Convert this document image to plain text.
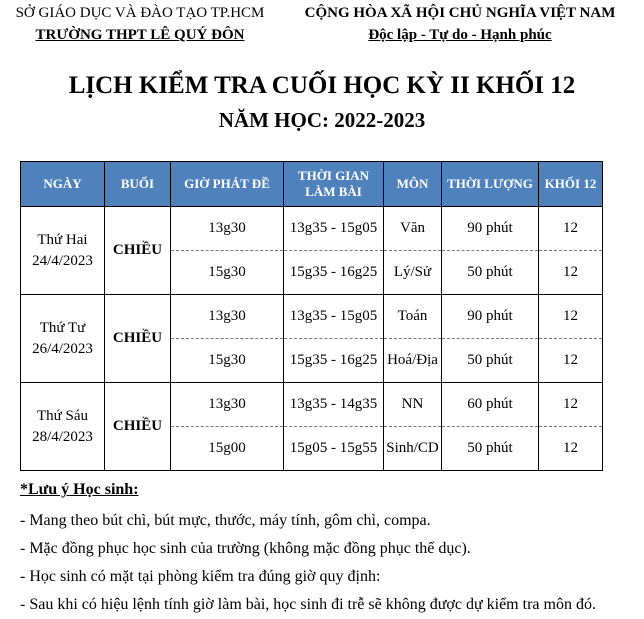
SỞ GIÁO DỤC VÀ ĐÀO TẠO TP.HCM
TRƯỜNG THPT LÊ QUÝ ĐÔN
CỘNG HÒA XÃ HỘI CHỦ NGHĨA VIỆT NAM
Độc lập - Tự do - Hạnh phúc
LỊCH KIỂM TRA CUỐI HỌC KỲ II KHỐI 12
NĂM HỌC: 2022-2023
NGÀY	BUỔI	GIỜ PHÁT ĐỀ	THỜI GIAN LÀM BÀI	MÔN	THỜI LƯỢNG	KHỐI 12

Thứ Hai
24/4/2023	CHIỀU	13g30	13g35 - 15g05	Văn	90 phút	12
		15g30	15g35 - 16g25	Lý/Sử	50 phút	12

Thứ Tư
26/4/2023	CHIỀU	13g30	13g35 - 15g05	Toán	90 phút	12
		15g30	15g35 - 16g25	Hoá/Địa	50 phút	12

Thứ Sáu
28/4/2023	CHIỀU	13g30	13g35 - 14g35	NN	60 phút	12
		15g00	15g05 - 15g55	Sinh/CD	50 phút	12
*Lưu ý Học sinh:
- Mang theo bút chì, bút mực, thước, máy tính, gôm chì, compa.
- Mặc đồng phục học sinh của trường (không mặc đồng phục thể dục).
- Học sinh có mặt tại phòng kiểm tra đúng giờ quy định:
- Sau khi có hiệu lệnh tính giờ làm bài, học sinh đi trễ sẽ không được dự kiểm tra môn đó.
